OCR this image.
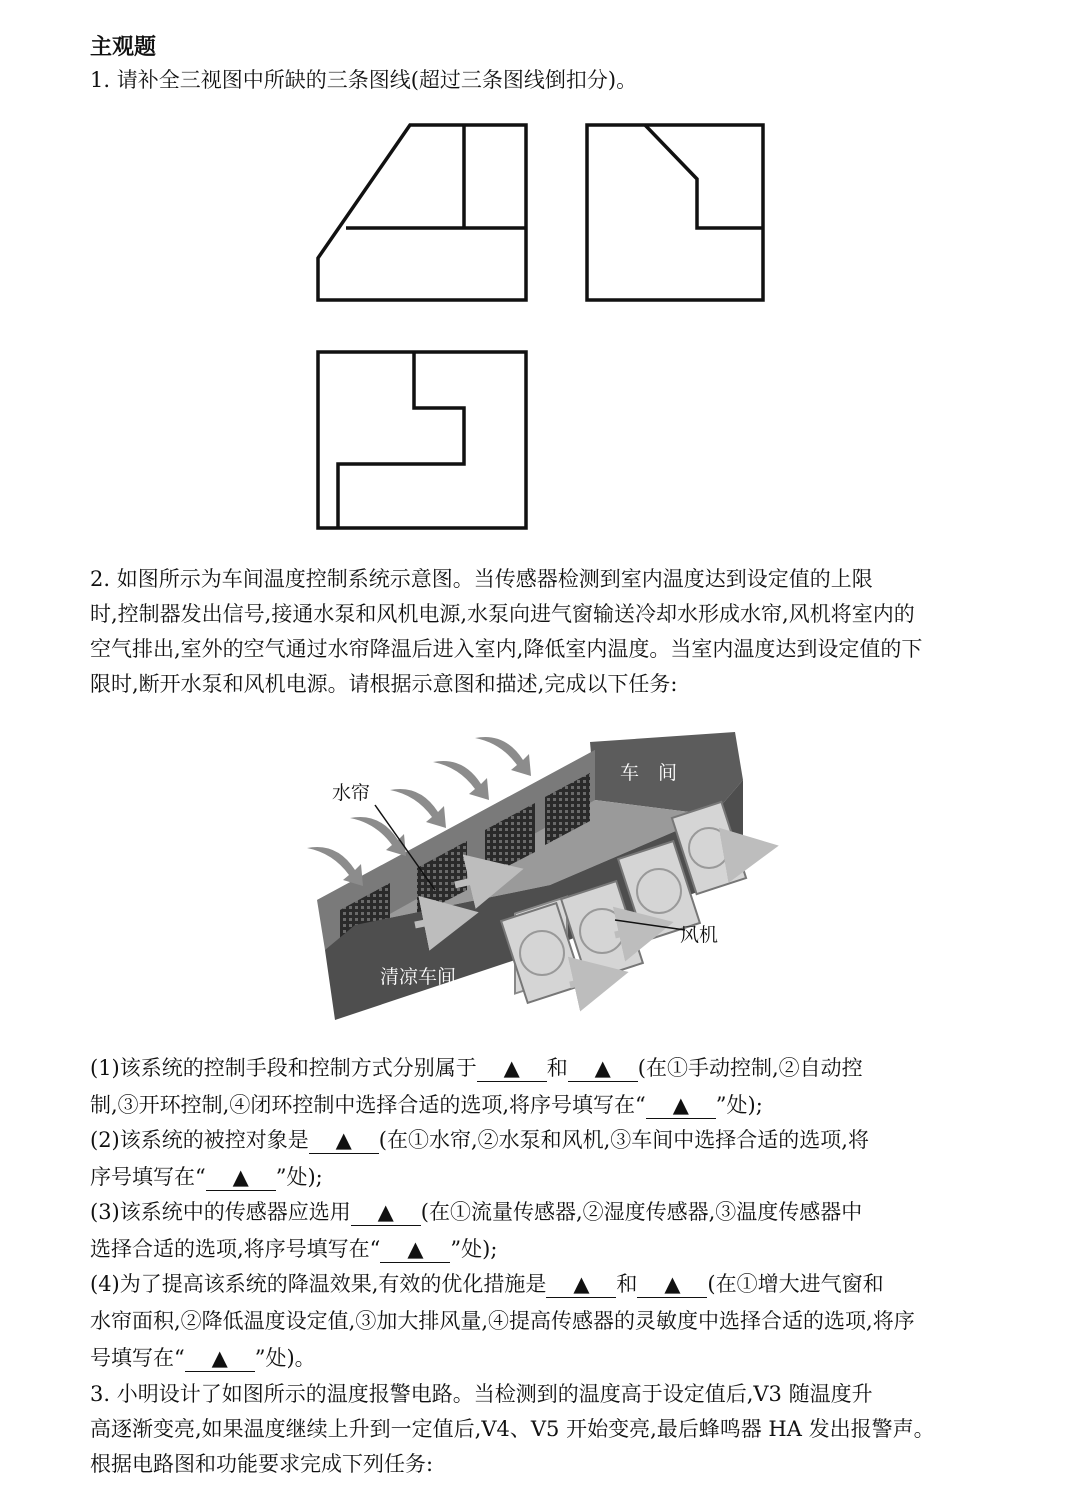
主观题
1. 请补全三视图中所缺的三条图线(超过三条图线倒扣分)。
2. 如图所示为车间温度控制系统示意图。当传感器检测到室内温度达到设定值的上限
时,控制器发出信号,接通水泵和风机电源,水泵向进气窗输送冷却水形成水帘,风机将室内的
空气排出,室外的空气通过水帘降温后进入室内,降低室内温度。当室内温度达到设定值的下
限时,断开水泵和风机电源。请根据示意图和描述,完成以下任务:
水帘
车　间
风机
清凉车间
(1)该系统的控制手段和控制方式分别属于 ▲ 和 ▲ (在①手动控制,②自动控
制,③开环控制,④闭环控制中选择合适的选项,将序号填写在“ ▲ ”处);
(2)该系统的被控对象是 ▲ (在①水帘,②水泵和风机,③车间中选择合适的选项,将
序号填写在“ ▲ ”处);
(3)该系统中的传感器应选用 ▲ (在①流量传感器,②湿度传感器,③温度传感器中
选择合适的选项,将序号填写在“ ▲ ”处);
(4)为了提高该系统的降温效果,有效的优化措施是 ▲ 和 ▲ (在①增大进气窗和
水帘面积,②降低温度设定值,③加大排风量,④提高传感器的灵敏度中选择合适的选项,将序
号填写在“ ▲ ”处)。
3. 小明设计了如图所示的温度报警电路。当检测到的温度高于设定值后,V3 随温度升
高逐渐变亮,如果温度继续上升到一定值后,V4、V5 开始变亮,最后蜂鸣器 HA 发出报警声。
根据电路图和功能要求完成下列任务:
